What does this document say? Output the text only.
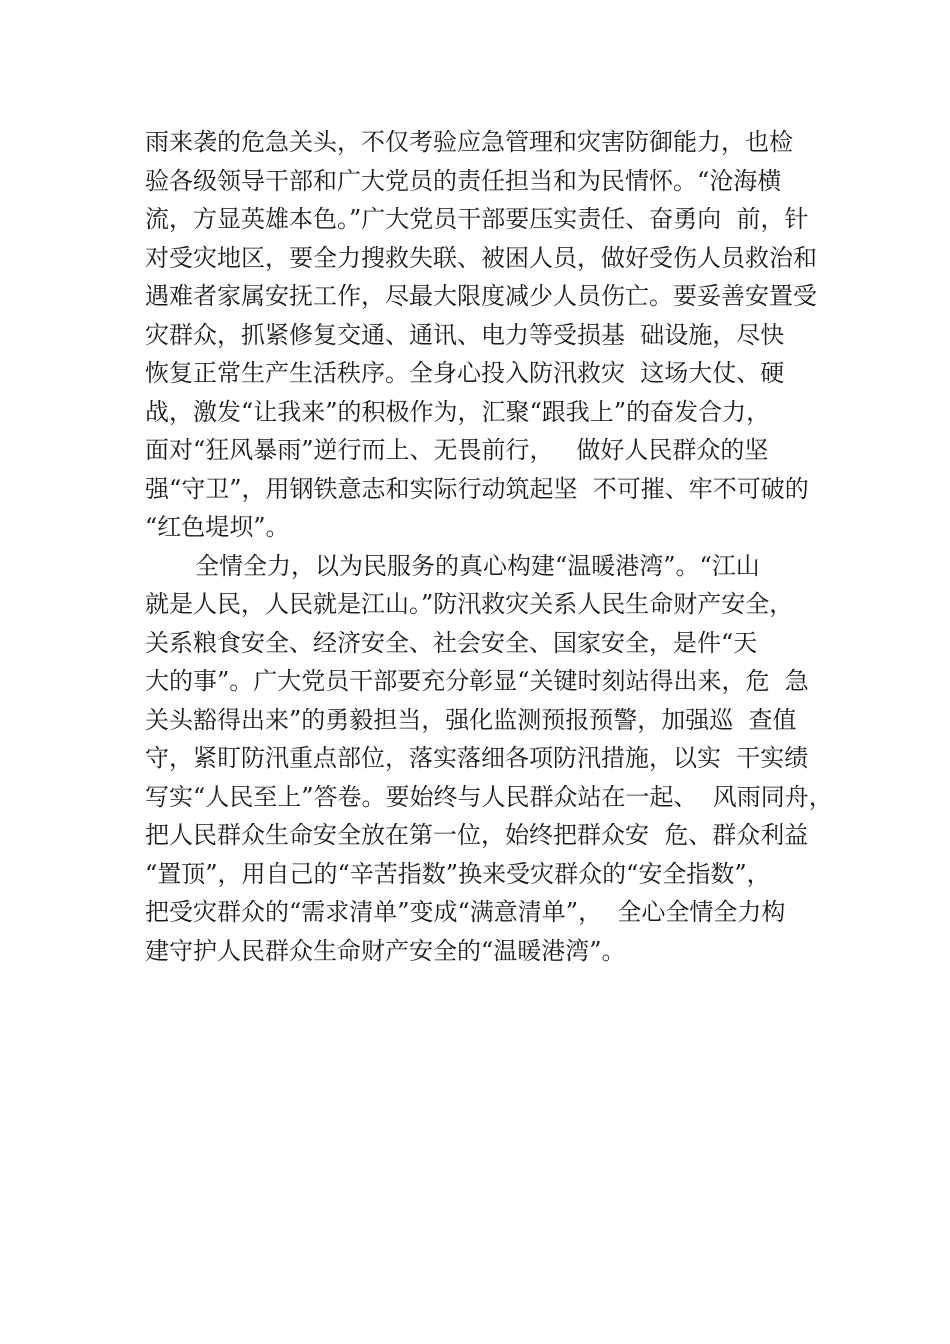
雨来袭的危急关头，不仅考验应急管理和灾害防御能力，也检
验各级领导干部和广大党员的责任担当和为民情怀。“沧海横
流，方显英雄本色。”广大党员干部要压实责任、奋勇向  前，针
对受灾地区，要全力搜救失联、被困人员，做好受伤人员救治和
遇难者家属安抚工作，尽最大限度减少人员伤亡。要妥善安置受
灾群众，抓紧修复交通、通讯、电力等受损基  础设施，尽快
恢复正常生产生活秩序。全身心投入防汛救灾  这场大仗、硬
战，激发“让我来”的积极作为，汇聚“跟我上”的奋发合力，
面对“狂风暴雨”逆行而上、无畏前行，   做好人民群众的坚
强“守卫”，用钢铁意志和实际行动筑起坚  不可摧、牢不可破的
“红色堤坝”。
全情全力，以为民服务的真心构建“温暖港湾”。“江山
就是人民，人民就是江山。”防汛救灾关系人民生命财产安全，
关系粮食安全、经济安全、社会安全、国家安全，是件“天
大的事”。广大党员干部要充分彰显“关键时刻站得出来，危  急
关头豁得出来”的勇毅担当，强化监测预报预警，加强巡  查值
守，紧盯防汛重点部位，落实落细各项防汛措施，以实  干实绩
写实“人民至上”答卷。要始终与人民群众站在一起、  风雨同舟，
把人民群众生命安全放在第一位，始终把群众安  危、群众利益
“置顶”，用自己的“辛苦指数”换来受灾群众的“安全指数”，
把受灾群众的“需求清单”变成“满意清单”，  全心全情全力构
建守护人民群众生命财产安全的“温暖港湾”。
